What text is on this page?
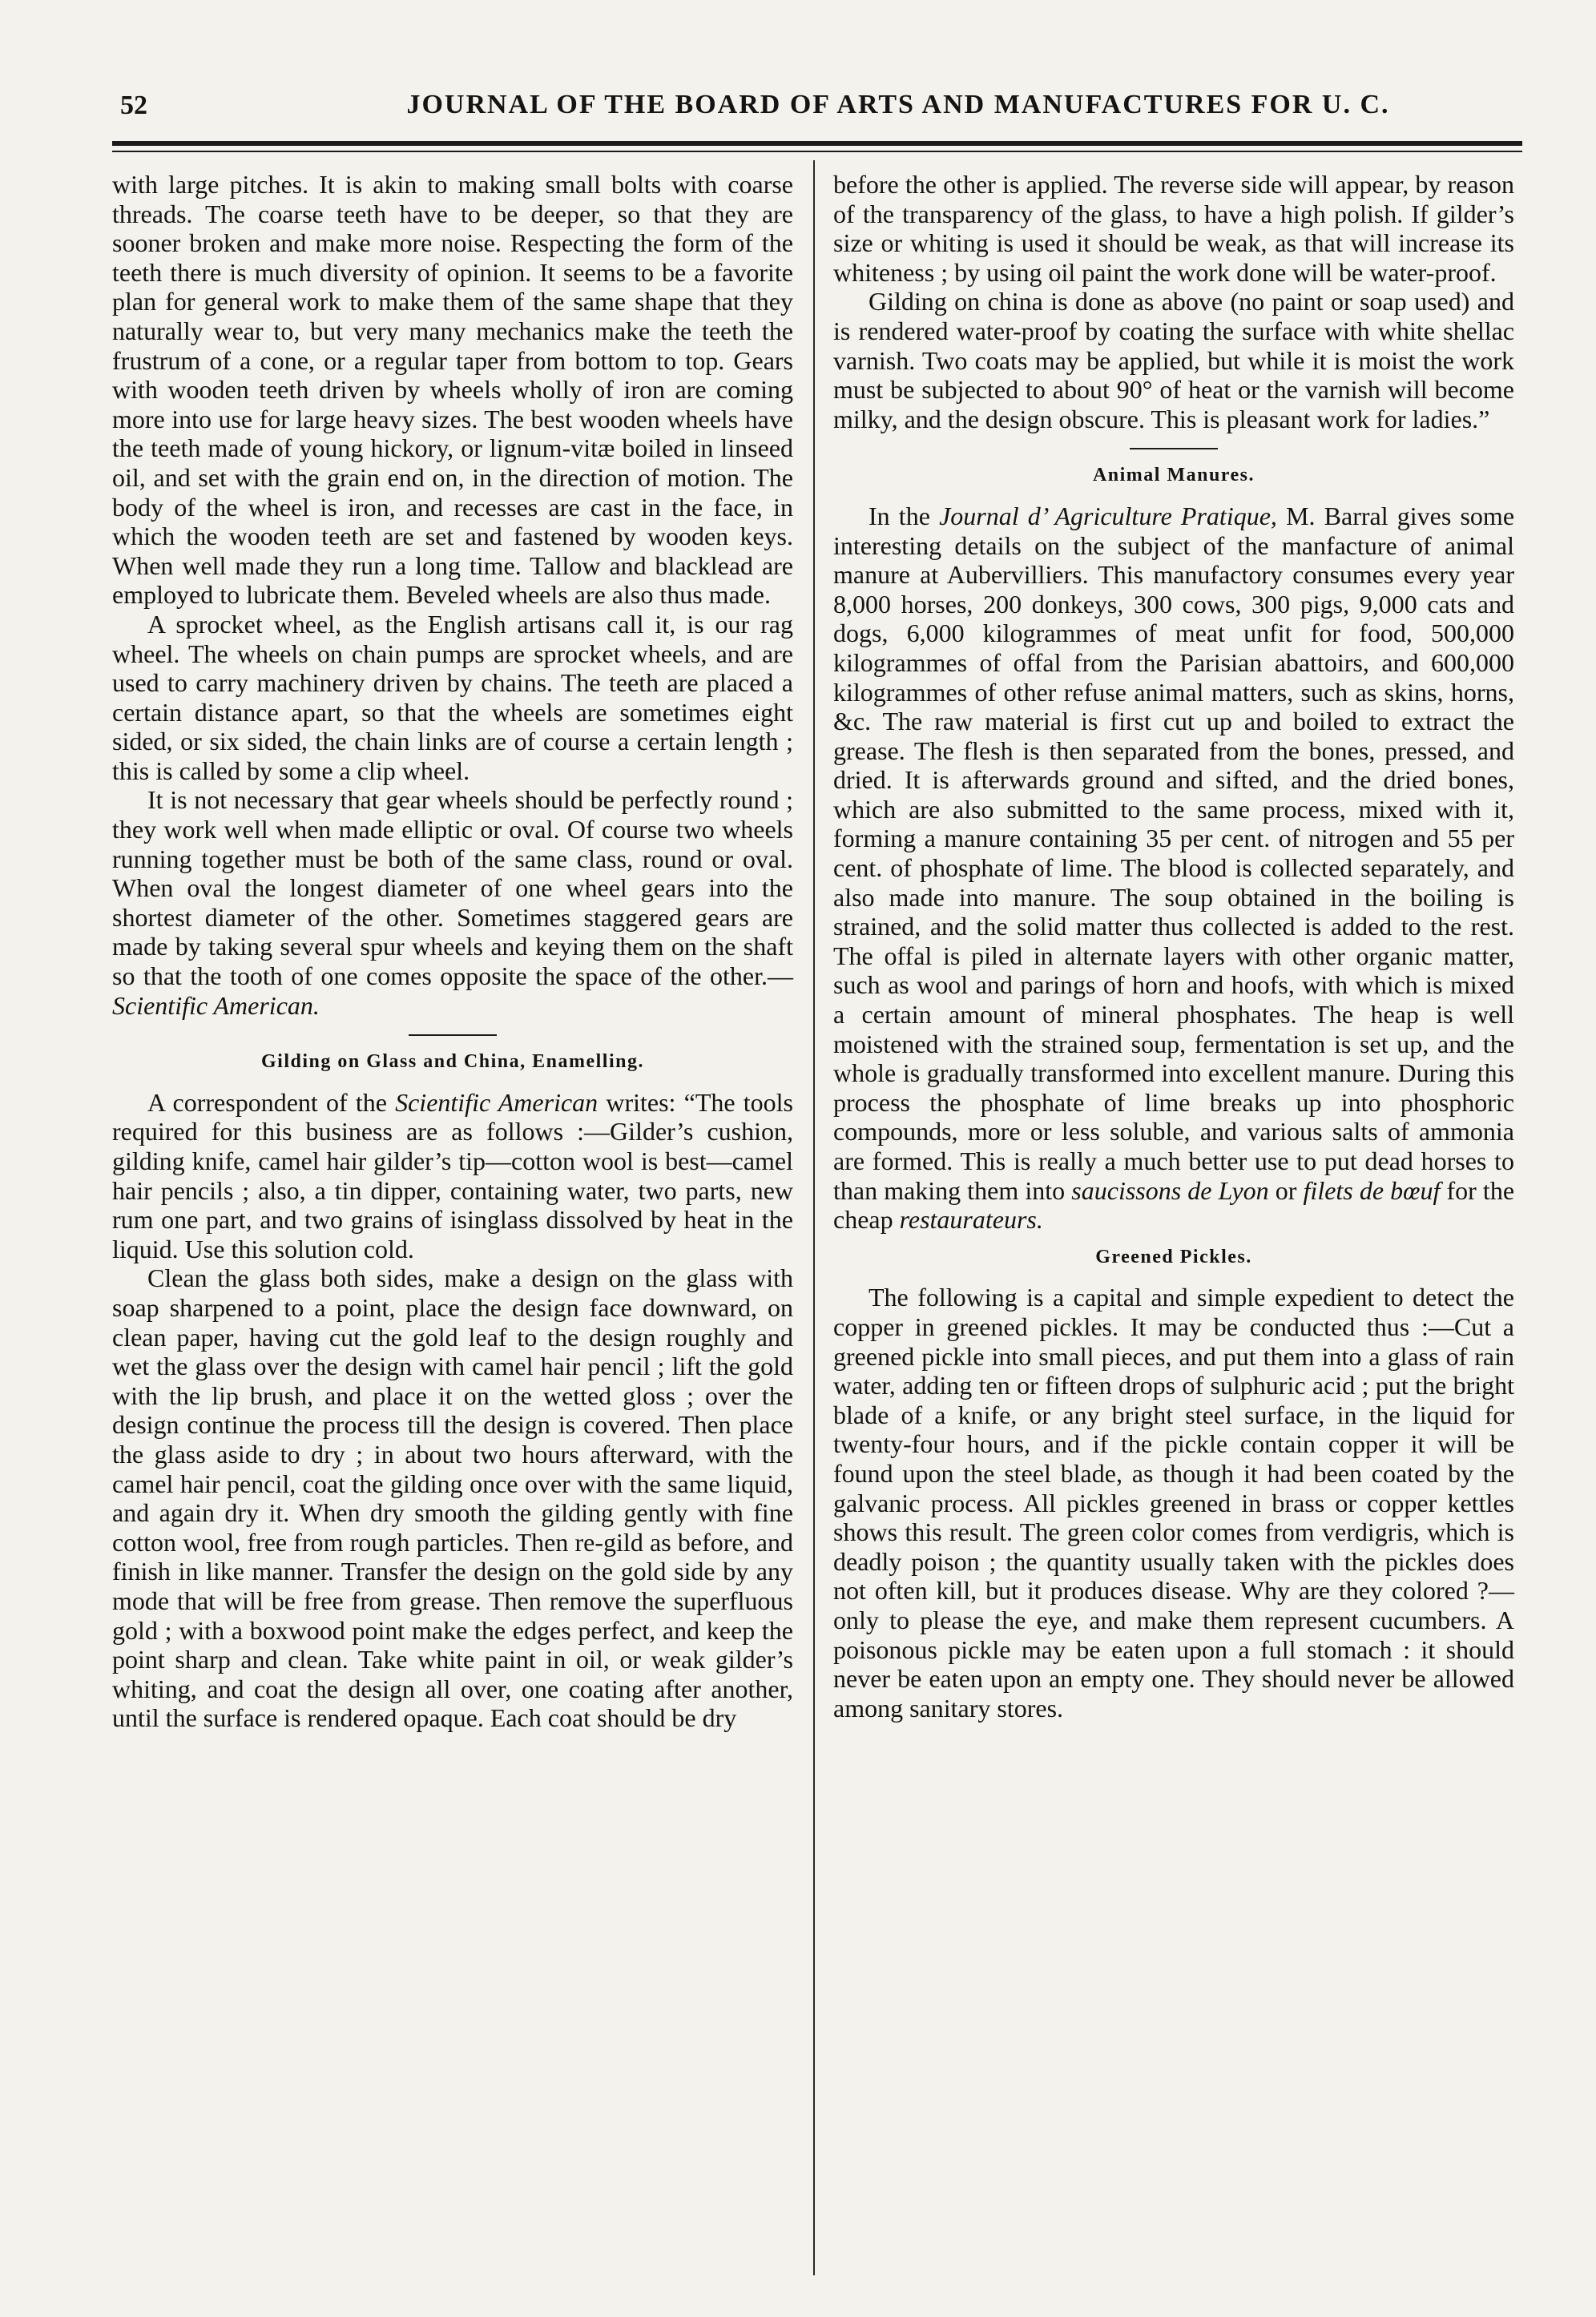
52	JOURNAL OF THE BOARD OF ARTS AND MANUFACTURES FOR U. C.

with large pitches. It is akin to making small bolts with coarse threads. The coarse teeth have to be deeper, so that they are sooner broken and make more noise. Respecting the form of the teeth there is much diversity of opinion. It seems to be a favorite plan for general work to make them of the same shape that they naturally wear to, but very many mechanics make the teeth the frustrum of a cone, or a regular taper from bottom to top. Gears with wooden teeth driven by wheels wholly of iron are coming more into use for large heavy sizes. The best wooden wheels have the teeth made of young hickory, or lignum-vitæ boiled in linseed oil, and set with the grain end on, in the direction of motion. The body of the wheel is iron, and recesses are cast in the face, in which the wooden teeth are set and fastened by wooden keys. When well made they run a long time. Tallow and blacklead are employed to lubricate them. Beveled wheels are also thus made.

A sprocket wheel, as the English artisans call it, is our rag wheel. The wheels on chain pumps are sprocket wheels, and are used to carry machinery driven by chains. The teeth are placed a certain distance apart, so that the wheels are sometimes eight sided, or six sided, the chain links are of course a certain length ; this is called by some a clip wheel.

It is not necessary that gear wheels should be perfectly round ; they work well when made elliptic or oval. Of course two wheels running together must be both of the same class, round or oval. When oval the longest diameter of one wheel gears into the shortest diameter of the other. Sometimes staggered gears are made by taking several spur wheels and keying them on the shaft so that the tooth of one comes opposite the space of the other.— Scientific American.

Gilding on Glass and China, Enamelling.

A correspondent of the Scientific American writes: “The tools required for this business are as follows :—Gilder’s cushion, gilding knife, camel hair gilder’s tip—cotton wool is best—camel hair pencils ; also, a tin dipper, containing water, two parts, new rum one part, and two grains of isinglass dissolved by heat in the liquid. Use this solution cold.

Clean the glass both sides, make a design on the glass with soap sharpened to a point, place the design face downward, on clean paper, having cut the gold leaf to the design roughly and wet the glass over the design with camel hair pencil ; lift the gold with the lip brush, and place it on the wetted gloss ; over the design continue the process till the design is covered. Then place the glass aside to dry ; in about two hours afterward, with the camel hair pencil, coat the gilding once over with the same liquid, and again dry it. When dry smooth the gilding gently with fine cotton wool, free from rough particles. Then re-gild as before, and finish in like manner. Transfer the design on the gold side by any mode that will be free from grease. Then remove the superfluous gold ; with a boxwood point make the edges perfect, and keep the point sharp and clean. Take white paint in oil, or weak gilder’s whiting, and coat the design all over, one coating after another, until the surface is rendered opaque. Each coat should be dry

before the other is applied. The reverse side will appear, by reason of the transparency of the glass, to have a high polish. If gilder’s size or whiting is used it should be weak, as that will increase its whiteness ; by using oil paint the work done will be water-proof.

Gilding on china is done as above (no paint or soap used) and is rendered water-proof by coating the surface with white shellac varnish. Two coats may be applied, but while it is moist the work must be subjected to about 90° of heat or the varnish will become milky, and the design obscure. This is pleasant work for ladies.”

Animal Manures.

In the Journal d’ Agriculture Pratique, M. Barral gives some interesting details on the subject of the manfacture of animal manure at Aubervilliers. This manufactory consumes every year 8,000 horses, 200 donkeys, 300 cows, 300 pigs, 9,000 cats and dogs, 6,000 kilogrammes of meat unfit for food, 500,000 kilogrammes of offal from the Parisian abattoirs, and 600,000 kilogrammes of other refuse animal matters, such as skins, horns, &c. The raw material is first cut up and boiled to extract the grease. The flesh is then separated from the bones, pressed, and dried. It is afterwards ground and sifted, and the dried bones, which are also submitted to the same process, mixed with it, forming a manure containing 35 per cent. of nitrogen and 55 per cent. of phosphate of lime. The blood is collected separately, and also made into manure. The soup obtained in the boiling is strained, and the solid matter thus collected is added to the rest. The offal is piled in alternate layers with other organic matter, such as wool and parings of horn and hoofs, with which is mixed a certain amount of mineral phosphates. The heap is well moistened with the strained soup, fermentation is set up, and the whole is gradually transformed into excellent manure. During this process the phosphate of lime breaks up into phosphoric compounds, more or less soluble, and various salts of ammonia are formed. This is really a much better use to put dead horses to than making them into saucissons de Lyon or filets de bœuf for the cheap restaurateurs.

Greened Pickles.

The following is a capital and simple expedient to detect the copper in greened pickles. It may be conducted thus :—Cut a greened pickle into small pieces, and put them into a glass of rain water, adding ten or fifteen drops of sulphuric acid ; put the bright blade of a knife, or any bright steel surface, in the liquid for twenty-four hours, and if the pickle contain copper it will be found upon the steel blade, as though it had been coated by the galvanic process. All pickles greened in brass or copper kettles shows this result. The green color comes from verdigris, which is deadly poison ; the quantity usually taken with the pickles does not often kill, but it produces disease. Why are they colored ?—only to please the eye, and make them represent cucumbers. A poisonous pickle may be eaten upon a full stomach : it should never be eaten upon an empty one. They should never be allowed among sanitary stores.
